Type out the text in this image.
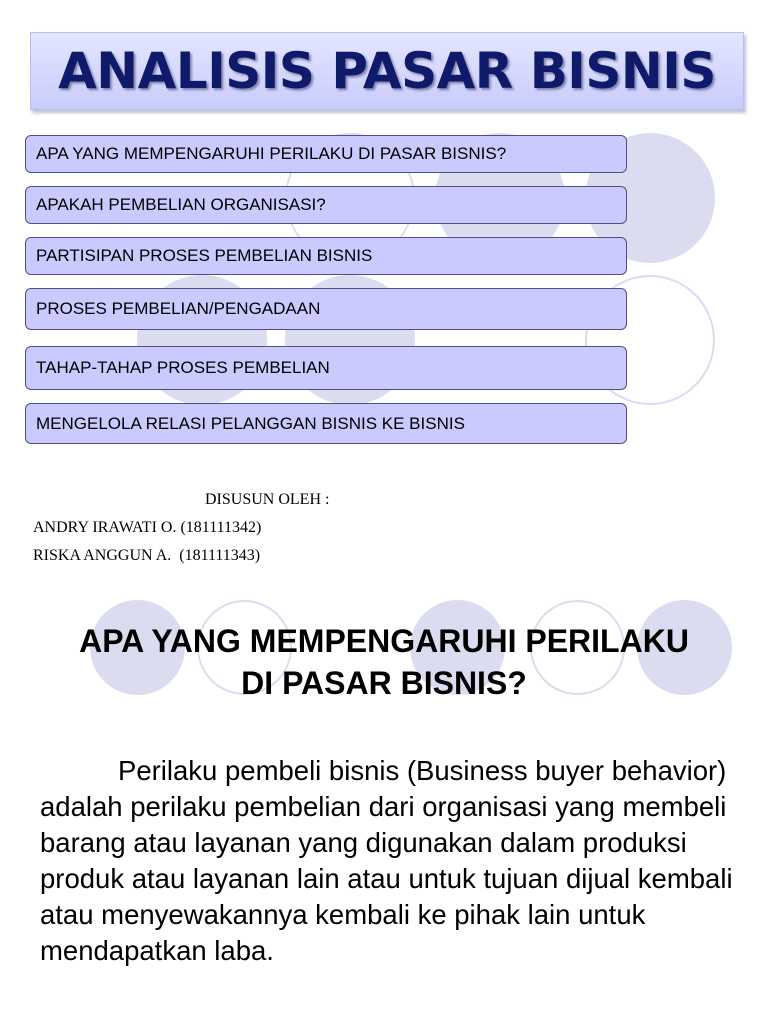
ANALISIS PASAR BISNIS
APA YANG MEMPENGARUHI PERILAKU DI PASAR BISNIS?
APAKAH PEMBELIAN ORGANISASI?
PARTISIPAN PROSES PEMBELIAN BISNIS
PROSES PEMBELIAN/PENGADAAN
TAHAP-TAHAP PROSES PEMBELIAN
MENGELOLA RELASI PELANGGAN BISNIS KE BISNIS
DISUSUN OLEH :
ANDRY IRAWATI O. (181111342)
RISKA ANGGUN A.  (181111343)
APA YANG MEMPENGARUHI PERILAKU
DI PASAR BISNIS?
Perilaku pembeli bisnis (Business buyer behavior) adalah perilaku pembelian dari organisasi yang membeli barang atau layanan yang digunakan dalam produksi produk atau layanan lain atau untuk tujuan dijual kembali atau menyewakannya kembali ke pihak lain untuk mendapatkan laba.
